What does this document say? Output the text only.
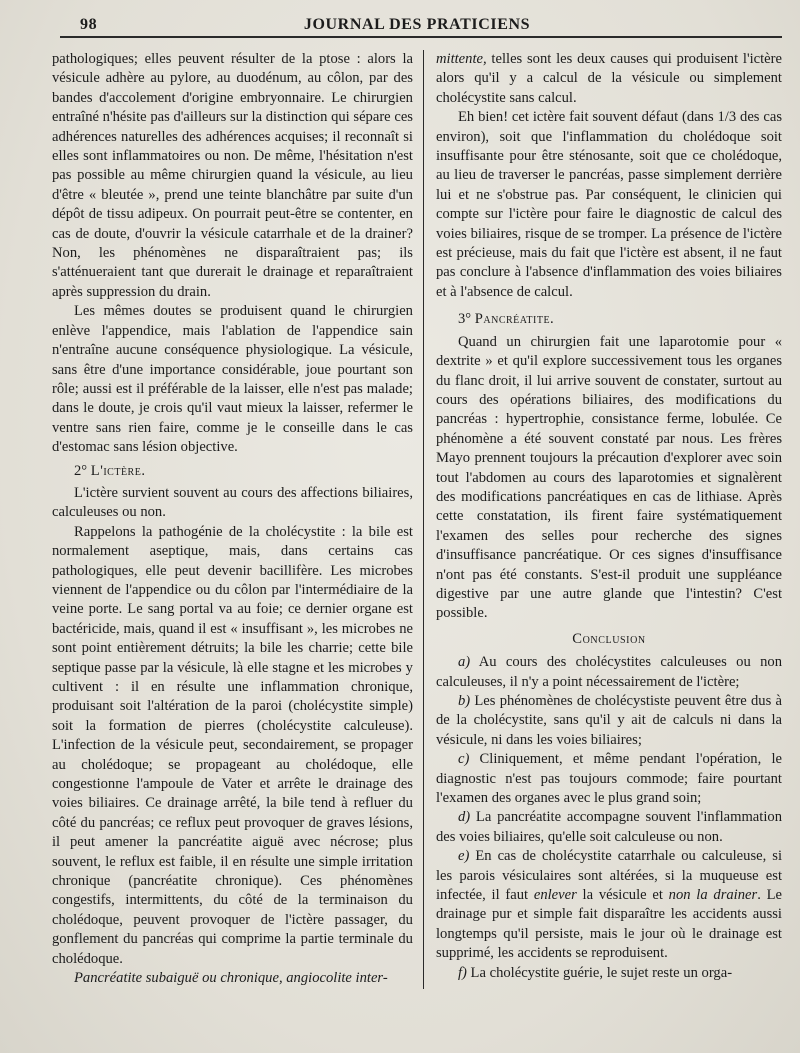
98	JOURNAL DES PRATICIENS

pathologiques; elles peuvent résulter de la ptose : alors la vésicule adhère au pylore, au duodénum, au côlon, par des bandes d'accolement d'origine embryonnaire. Le chirurgien entraîné n'hésite pas d'ailleurs sur la distinction qui sépare ces adhérences naturelles des adhérences acquises; il reconnaît si elles sont inflammatoires ou non. De même, l'hésitation n'est pas possible au même chirurgien quand la vésicule, au lieu d'être « bleutée », prend une teinte blanchâtre par suite d'un dépôt de tissu adipeux. On pourrait peut-être se contenter, en cas de doute, d'ouvrir la vésicule catarrhale et de la drainer? Non, les phénomènes ne disparaîtraient pas; ils s'atténueraient tant que durerait le drainage et reparaîtraient après suppression du drain.

Les mêmes doutes se produisent quand le chirurgien enlève l'appendice, mais l'ablation de l'appendice sain n'entraîne aucune conséquence physiologique. La vésicule, sans être d'une importance considérable, joue pourtant son rôle; aussi est il préférable de la laisser, elle n'est pas malade; dans le doute, je crois qu'il vaut mieux la laisser, refermer le ventre sans rien faire, comme je le conseille dans le cas d'estomac sans lésion objective.

2° L'ictère.

L'ictère survient souvent au cours des affections biliaires, calculeuses ou non.

Rappelons la pathogénie de la cholécystite : la bile est normalement aseptique, mais, dans certains cas pathologiques, elle peut devenir bacillifère. Les microbes viennent de l'appendice ou du côlon par l'intermédiaire de la veine porte. Le sang portal va au foie; ce dernier organe est bactéricide, mais, quand il est « insuffisant », les microbes ne sont point entièrement détruits; la bile les charrie; cette bile septique passe par la vésicule, là elle stagne et les microbes y cultivent : il en résulte une inflammation chronique, produisant soit l'altération de la paroi (cholécystite simple) soit la formation de pierres (cholécystite calculeuse). L'infection de la vésicule peut, secondairement, se propager au cholédoque; se propageant au cholédoque, elle congestionne l'ampoule de Vater et arrête le drainage des voies biliaires. Ce drainage arrêté, la bile tend à refluer du côté du pancréas; ce reflux peut provoquer de graves lésions, il peut amener la pancréatite aiguë avec nécrose; plus souvent, le reflux est faible, il en résulte une simple irritation chronique (pancréatite chronique). Ces phénomènes congestifs, intermittents, du côté de la terminaison du cholédoque, peuvent provoquer de l'ictère passager, du gonflement du pancréas qui comprime la partie terminale du cholédoque.

Pancréatite subaiguë ou chronique, angiocolite inter-

mittente, telles sont les deux causes qui produisent l'ictère alors qu'il y a calcul de la vésicule ou simplement cholécystite sans calcul.

Eh bien! cet ictère fait souvent défaut (dans 1/3 des cas environ), soit que l'inflammation du cholédoque soit insuffisante pour être sténosante, soit que ce cholédoque, au lieu de traverser le pancréas, passe simplement derrière lui et ne s'obstrue pas. Par conséquent, le clinicien qui compte sur l'ictère pour faire le diagnostic de calcul des voies biliaires, risque de se tromper. La présence de l'ictère est précieuse, mais du fait que l'ictère est absent, il ne faut pas conclure à l'absence d'inflammation des voies biliaires et à l'absence de calcul.

3° Pancréatite.

Quand un chirurgien fait une laparotomie pour « dextrite » et qu'il explore successivement tous les organes du flanc droit, il lui arrive souvent de constater, surtout au cours des opérations biliaires, des modifications du pancréas : hypertrophie, consistance ferme, lobulée. Ce phénomène a été souvent constaté par nous. Les frères Mayo prennent toujours la précaution d'explorer avec soin tout l'abdomen au cours des laparotomies et signalèrent des modifications pancréatiques en cas de lithiase. Après cette constatation, ils firent faire systématiquement l'examen des selles pour recherche des signes d'insuffisance pancréatique. Or ces signes d'insuffisance n'ont pas été constants. S'est-il produit une suppléance digestive par une autre glande que l'intestin? C'est possible.

Conclusion

a) Au cours des cholécystites calculeuses ou non calculeuses, il n'y a point nécessairement de l'ictère;

b) Les phénomènes de cholécystiste peuvent être dus à de la cholécystite, sans qu'il y ait de calculs ni dans la vésicule, ni dans les voies biliaires;

c) Cliniquement, et même pendant l'opération, le diagnostic n'est pas toujours commode; faire pourtant l'examen des organes avec le plus grand soin;

d) La pancréatite accompagne souvent l'inflammation des voies biliaires, qu'elle soit calculeuse ou non.

e) En cas de cholécystite catarrhale ou calculeuse, si les parois vésiculaires sont altérées, si la muqueuse est infectée, il faut enlever la vésicule et non la drainer. Le drainage pur et simple fait disparaître les accidents aussi longtemps qu'il persiste, mais le jour où le drainage est supprimé, les accidents se reproduisent.

f) La cholécystite guérie, le sujet reste un orga-
